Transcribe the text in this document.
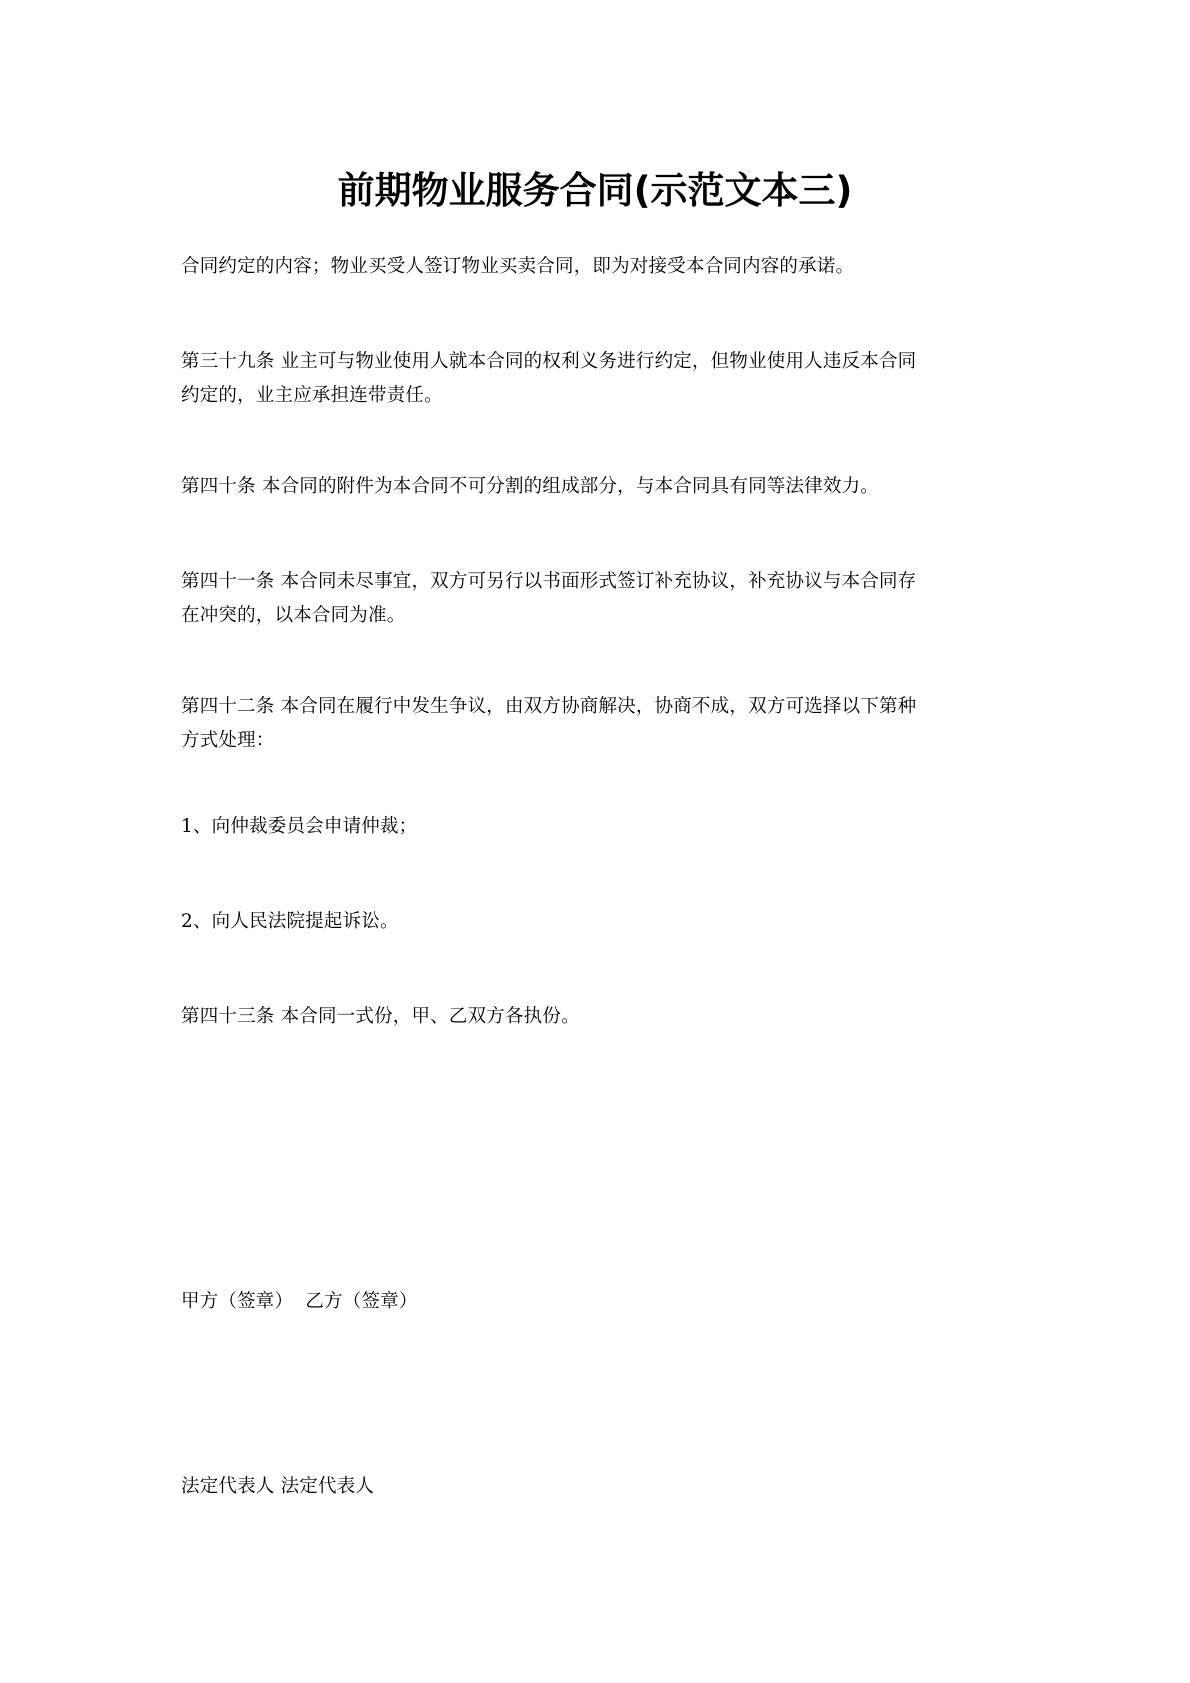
前期物业服务合同(示范文本三)
合同约定的内容；物业买受人签订物业买卖合同，即为对接受本合同内容的承诺。
第三十九条 业主可与物业使用人就本合同的权利义务进行约定，但物业使用人违反本合同
约定的，业主应承担连带责任。
第四十条 本合同的附件为本合同不可分割的组成部分，与本合同具有同等法律效力。
第四十一条 本合同未尽事宜，双方可另行以书面形式签订补充协议，补充协议与本合同存
在冲突的，以本合同为准。
第四十二条 本合同在履行中发生争议，由双方协商解决，协商不成，双方可选择以下第种
方式处理：
1、向仲裁委员会申请仲裁；
2、向人民法院提起诉讼。
第四十三条 本合同一式份，甲、乙双方各执份。
甲方（签章）  乙方（签章）
法定代表人 法定代表人
